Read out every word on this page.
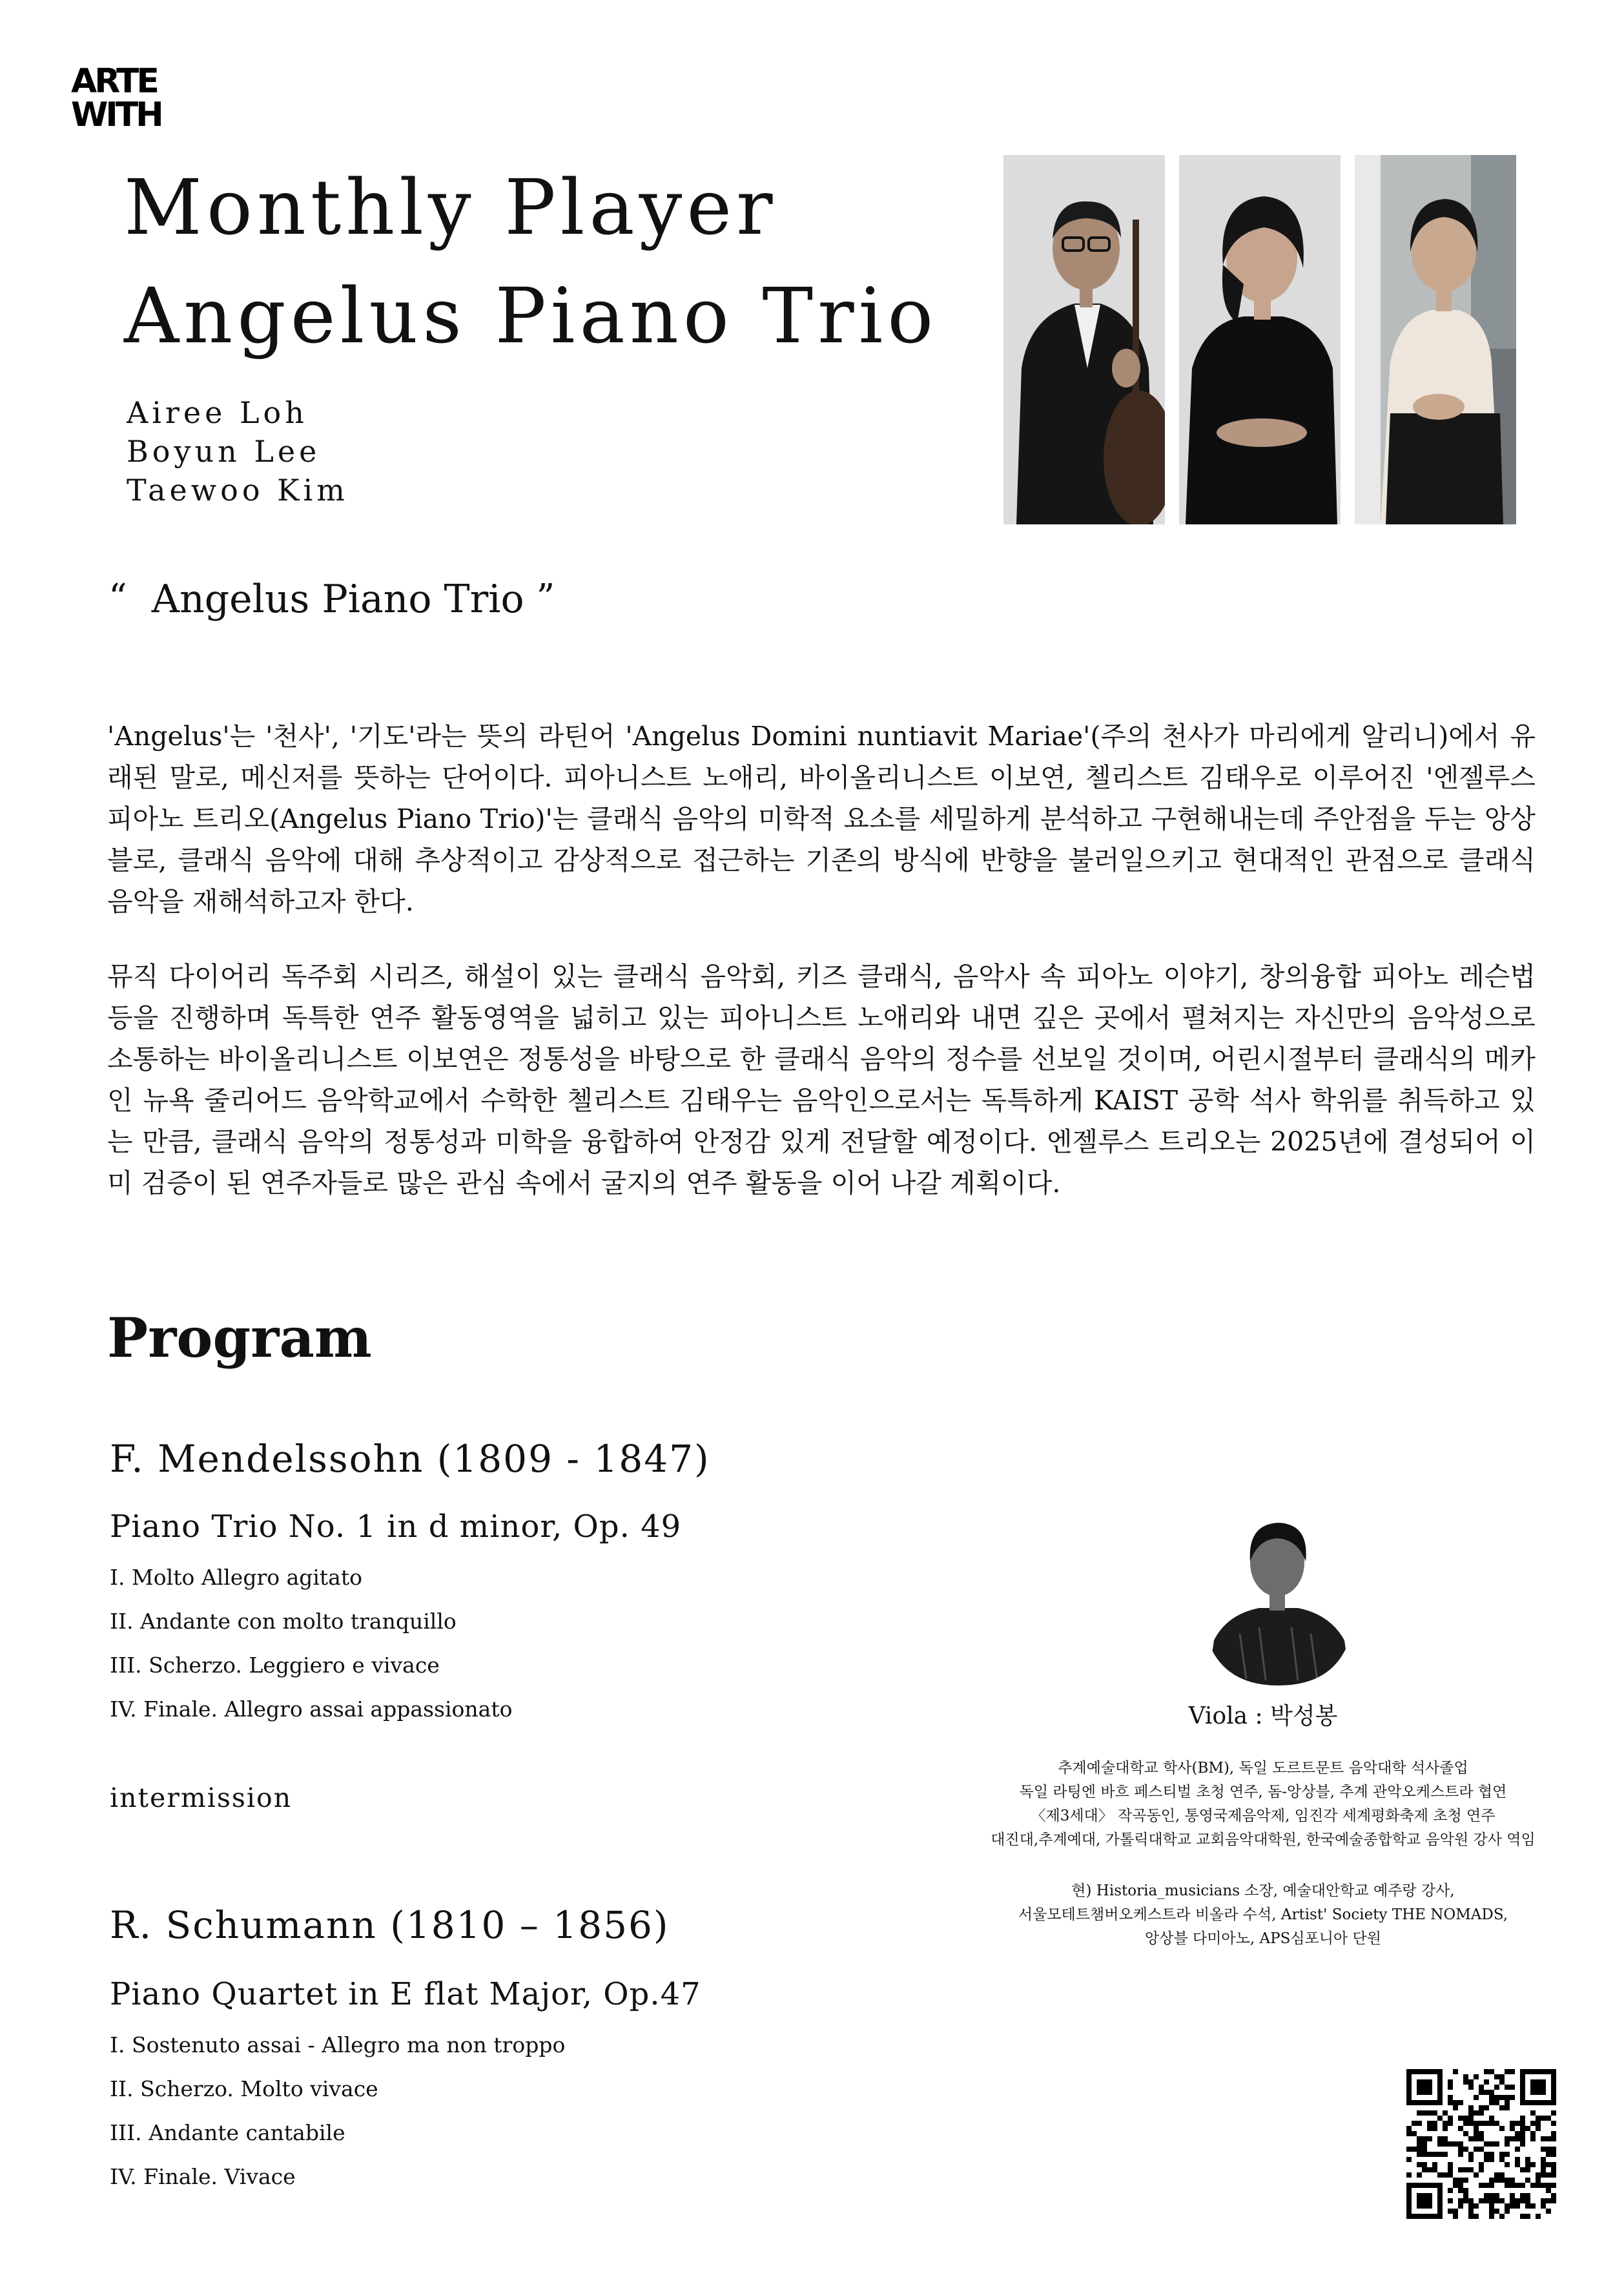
ARTE
WITH
Monthly Player
Angelus Piano Trio
Airee Loh
Boyun Lee
Taewoo Kim
“ Angelus Piano Trio ”
'Angelus'는 '천사', '기도'라는 뜻의 라틴어 'Angelus Domini nuntiavit Mariae'(주의 천사가 마리에게 알리니)에서 유래된 말로, 메신저를 뜻하는 단어이다. 피아니스트 노애리, 바이올리니스트 이보연, 첼리스트 김태우로 이루어진 '엔젤루스 피아노 트리오(Angelus Piano Trio)'는 클래식 음악의 미학적 요소를 세밀하게 분석하고 구현해내는데 주안점을 두는 앙상블로, 클래식 음악에 대해 추상적이고 감상적으로 접근하는 기존의 방식에 반향을 불러일으키고 현대적인 관점으로 클래식 음악을 재해석하고자 한다.
뮤직 다이어리 독주회 시리즈, 해설이 있는 클래식 음악회, 키즈 클래식, 음악사 속 피아노 이야기, 창의융합 피아노 레슨법 등을 진행하며 독특한 연주 활동영역을 넓히고 있는 피아니스트 노애리와 내면 깊은 곳에서 펼쳐지는 자신만의 음악성으로 소통하는 바이올리니스트 이보연은 정통성을 바탕으로 한 클래식 음악의 정수를 선보일 것이며, 어린시절부터 클래식의 메카인 뉴욕 줄리어드 음악학교에서 수학한 첼리스트 김태우는 음악인으로서는 독특하게 KAIST 공학 석사 학위를 취득하고 있는 만큼, 클래식 음악의 정통성과 미학을 융합하여 안정감 있게 전달할 예정이다. 엔젤루스 트리오는 2025년에 결성되어 이미 검증이 된 연주자들로 많은 관심 속에서 굴지의 연주 활동을 이어 나갈 계획이다.
Program
F. Mendelssohn (1809 - 1847)
Piano Trio No. 1 in d minor, Op. 49
I. Molto Allegro agitato
II. Andante con molto tranquillo
III. Scherzo. Leggiero e vivace
IV. Finale. Allegro assai appassionato
intermission
R. Schumann (1810 – 1856)
Piano Quartet in E flat Major, Op.47
I. Sostenuto assai - Allegro ma non troppo
II. Scherzo. Molto vivace
III. Andante cantabile
IV. Finale. Vivace
Viola : 박성봉
추계예술대학교 학사(BM), 독일 도르트문트 음악대학 석사졸업
독일 라팅엔 바흐 페스티벌 초청 연주, 돔-앙상블, 추계 관악오케스트라 협연
〈제3세대〉 작곡동인, 통영국제음악제, 임진각 세계평화축제 초청 연주
대진대,추계예대, 가톨릭대학교 교회음악대학원, 한국예술종합학교 음악원 강사 역임
현) Historia_musicians 소장, 예술대안학교 예주랑 강사,
서울모테트챔버오케스트라 비올라 수석, Artist' Society THE NOMADS,
앙상블 다미아노, APS심포니아 단원
